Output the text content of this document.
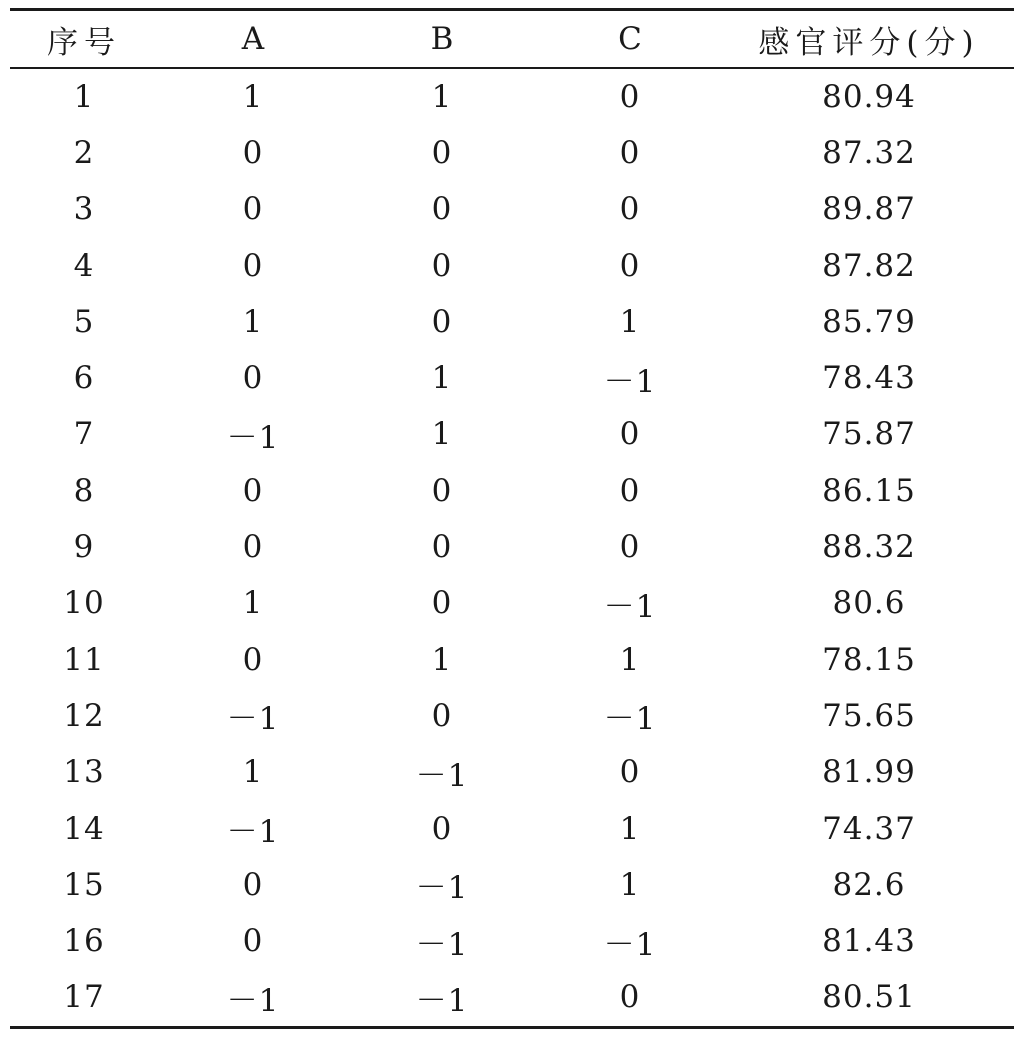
序号	A	B	C	感官评分(分)
1	1	1	0	80.94
2	0	0	0	87.32
3	0	0	0	89.87
4	0	0	0	87.82
5	1	0	1	85.79
6	0	1	－1	78.43
7	－1	1	0	75.87
8	0	0	0	86.15
9	0	0	0	88.32
10	1	0	－1	80.6
11	0	1	1	78.15
12	－1	0	－1	75.65
13	1	－1	0	81.99
14	－1	0	1	74.37
15	0	－1	1	82.6
16	0	－1	－1	81.43
17	－1	－1	0	80.51
